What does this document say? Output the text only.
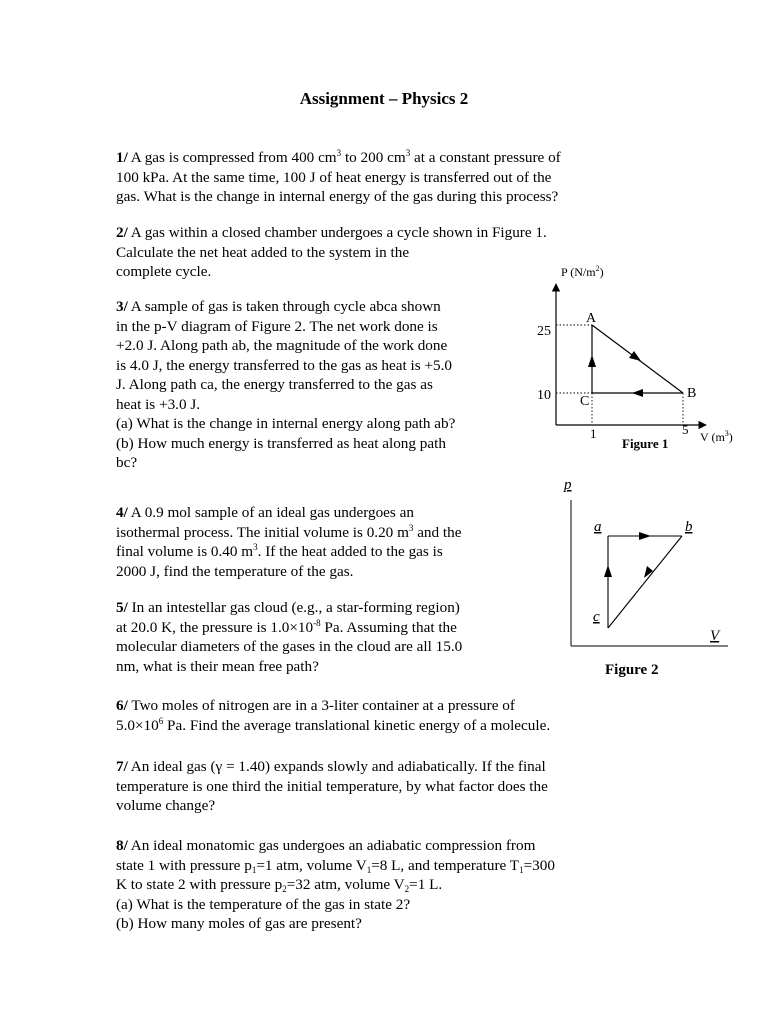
Assignment – Physics 2
1/ A gas is compressed from 400 $cm^3$ to 200 $cm^3$ at a constant pressure of
100 kPa. At the same time, 100 J of heat energy is transferred out of the
gas. What is the change in internal energy of the gas during this process?
2/ A gas within a closed chamber undergoes a cycle shown in Figure 1.
Calculate the net heat added to the system in the
complete cycle.
3/ A sample of gas is taken through cycle abca shown
in the p-V diagram of Figure 2. The net work done is
+2.0 J. Along path ab, the magnitude of the work done
is 4.0 J, the energy transferred to the gas as heat is +5.0
J. Along path ca, the energy transferred to the gas as
heat is +3.0 J.
(a) What is the change in internal energy along path ab?
(b) How much energy is transferred as heat along path
bc?
4/ A 0.9 mol sample of an ideal gas undergoes an
isothermal process. The initial volume is 0.20 $m^3$ and the
final volume is 0.40 $m^3$. If the heat added to the gas is
2000 J, find the temperature of the gas.
5/ In an intestellar gas cloud (e.g., a star-forming region)
at 20.0 K, the pressure is $1.0\times 10^{-8}$ Pa. Assuming that the
molecular diameters of the gases in the cloud are all 15.0
nm, what is their mean free path?
6/ Two moles of nitrogen are in a 3-liter container at a pressure of
$5.0\times 10^6$ Pa. Find the average translational kinetic energy of a molecule.
7/ An ideal gas (γ = 1.40) expands slowly and adiabatically. If the final
temperature is one third the initial temperature, by what factor does the
volume change?
8/ An ideal monatomic gas undergoes an adiabatic compression from
state 1 with pressure $p_1=1$ atm, volume $V_1=8$ L, and temperature $T_1=300$
K to state 2 with pressure $p_2=32$ atm, volume $V_2=1$ L.
(a) What is the temperature of the gas in state 2?
(b) How many moles of gas are present?
P $(N/m^2)$
V $(m^3)$
25
10
1	5
A
B
C
Figure 1
p
V
a	b
c
Figure 2
